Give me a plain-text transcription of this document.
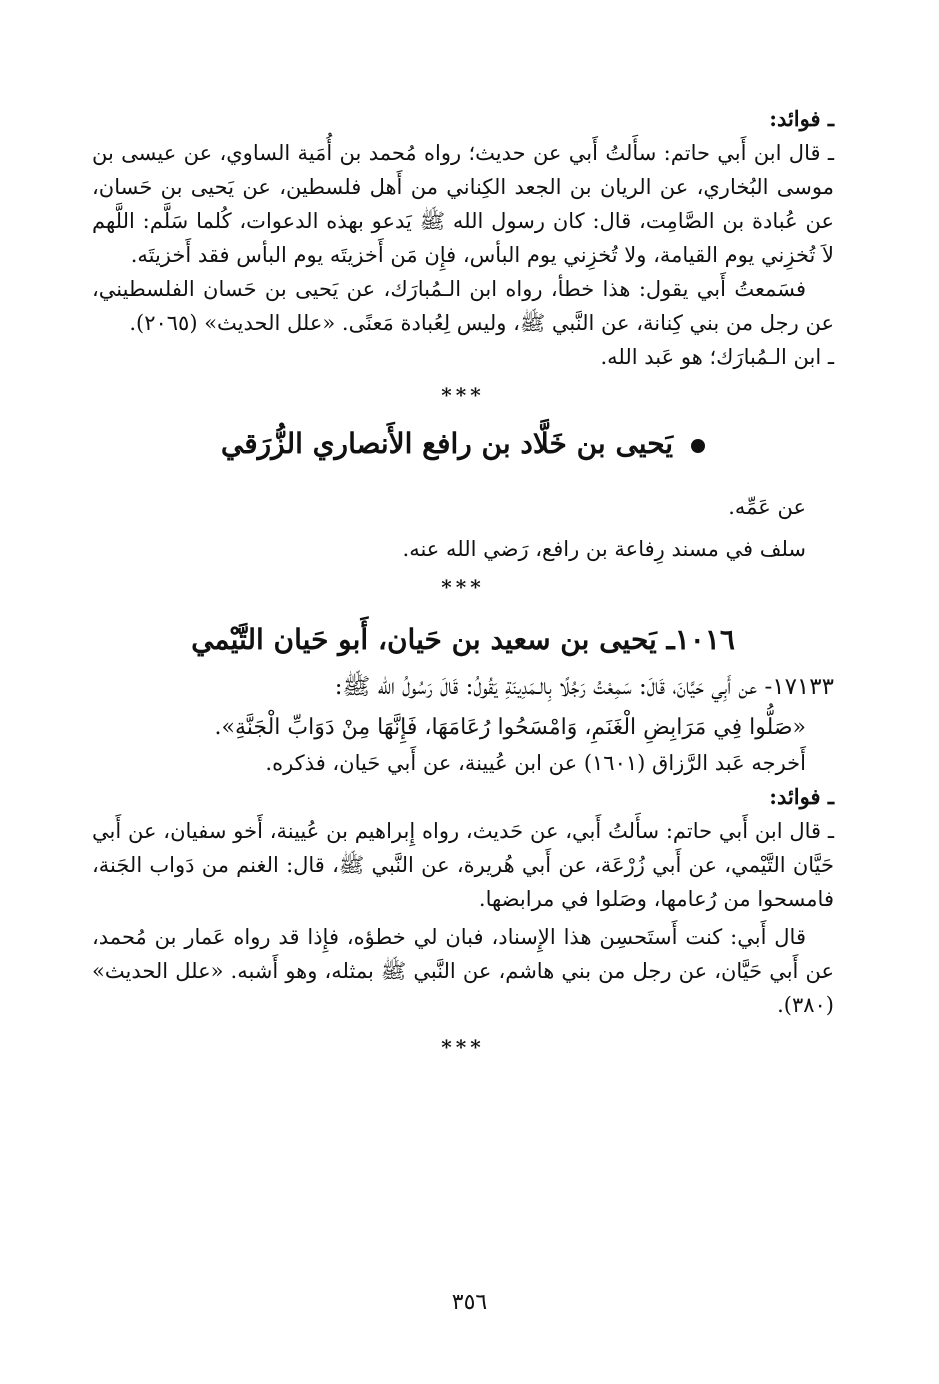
ـ فوائد:

ـ قال ابن أَبي حاتم: سأَلتُ أَبي عن حديث؛ رواه مُحمد بن أُمَية الساوي، عن عيسى بن موسى البُخاري، عن الريان بن الجعد الكِناني من أَهل فلسطين، عن يَحيى بن حَسان، عن عُبادة بن الصَّامِت، قال: كان رسول الله ﷺ يَدعو بهذه الدعوات، كُلما سَلَّم: اللَّهم لاَ تُخزِني يوم القيامة، ولا تُخزِني يوم البأس، فإِن مَن أَخزيتَه يوم البأس فقد أَخزيتَه.

فسَمعتُ أَبي يقول: هذا خطأ، رواه ابن الـمُبارَك، عن يَحيى بن حَسان الفلسطيني، عن رجل من بني كِنانة، عن النَّبي ﷺ، وليس لِعُبادة مَعنًى. «علل الحديث» (٢٠٦٥).

ـ ابن الـمُبارَك؛ هو عَبد الله.

***

يَحيى بن خَلَّاد بن رافع الأَنصاري الزُّرَقي

عن عَمِّه.

سلف في مسند رِفاعة بن رافع، رَضي الله عنه.

***

١٠١٦ـ يَحيى بن سعيد بن حَيان، أَبو حَيان التَّيْمي

١٧١٣٣- عن أَبِي حَيَّانَ، قَالَ: سَمِعْتُ رَجُلًا بِالـمَدِينَةِ يَقُولُ: قَالَ رَسُولُ الله ﷺ:

«صَلُّوا فِي مَرَابِضِ الْغَنَمِ، وَامْسَحُوا رُعَامَهَا، فَإِنَّهَا مِنْ دَوَابِّ الْجَنَّةِ».

أَخرجه عَبد الرَّزاق (١٦٠١) عن ابن عُيينة، عن أَبي حَيان، فذكره.

ـ فوائد:

ـ قال ابن أَبي حاتم: سأَلتُ أَبي، عن حَديث، رواه إِبراهيم بن عُيينة، أَخو سفيان، عن أَبي حَيَّان التَّيْمي، عن أَبي زُرْعَة، عن أَبي هُريرة، عن النَّبي ﷺ، قال: الغنم من دَواب الجَنة، فامسحوا من رُعامها، وصَلوا في مرابضها.

قال أَبي: كنت أَستَحسِن هذا الإِسناد، فبان لي خطؤه، فإِذا قد رواه عَمار بن مُحمد، عن أَبي حَيَّان، عن رجل من بني هاشم، عن النَّبي ﷺ بمثله، وهو أَشبه. «علل الحديث» (٣٨٠).

***

٣٥٦
